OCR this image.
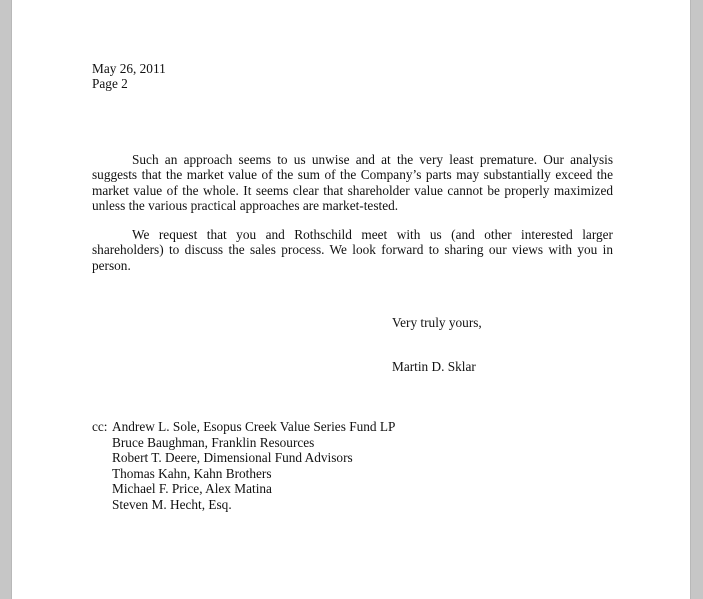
May 26, 2011
Page 2
Such an approach seems to us unwise and at the very least premature. Our analysis
suggests that the market value of the sum of the Company’s parts may substantially exceed the
market value of the whole. It seems clear that shareholder value cannot be properly maximized
unless the various practical approaches are market-tested.
We request that you and Rothschild meet with us (and other interested larger
shareholders) to discuss the sales process. We look forward to sharing our views with you in
person.
Very truly yours,
Martin D. Sklar
cc: Andrew L. Sole, Esopus Creek Value Series Fund LP
Bruce Baughman, Franklin Resources
Robert T. Deere, Dimensional Fund Advisors
Thomas Kahn, Kahn Brothers
Michael F. Price, Alex Matina
Steven M. Hecht, Esq.
